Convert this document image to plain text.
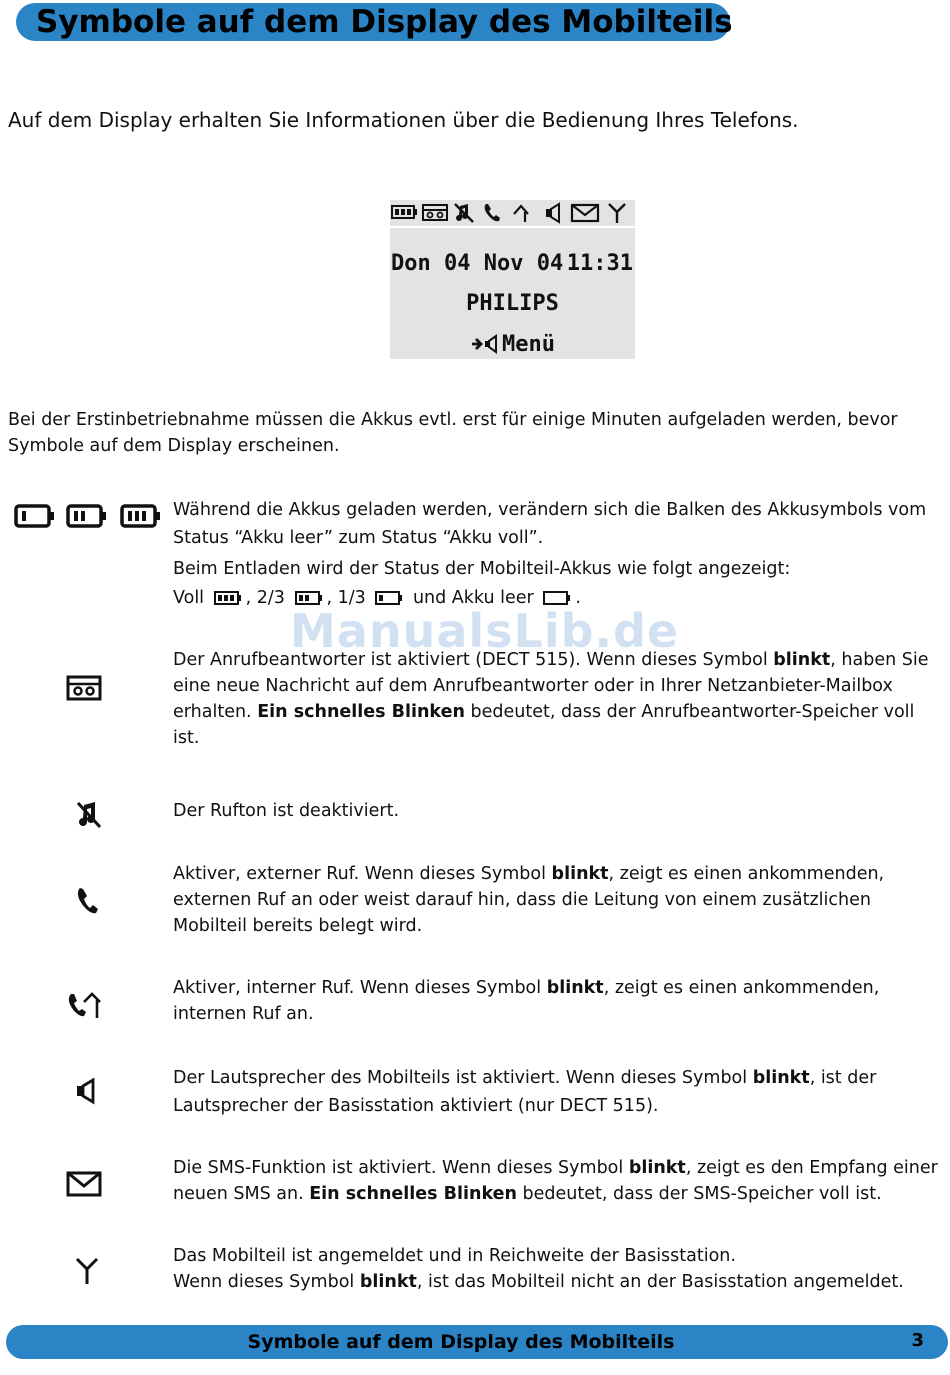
Symbole auf dem Display des Mobilteils
Auf dem Display erhalten Sie Informationen über die Bedienung Ihres Telefons.
Don 04 Nov 04 11:31
PHILIPS
Menü
Bei der Erstinbetriebnahme müssen die Akkus evtl. erst für einige Minuten aufgeladen werden, bevor Symbole auf dem Display erscheinen.
Während die Akkus geladen werden, verändern sich die Balken des Akkusymbols vom Status “Akku leer” zum Status “Akku voll”.
Beim Entladen wird der Status der Mobilteil-Akkus wie folgt angezeigt:
Voll , 2/3 , 1/3	und Akku leer .
ManualsLib.de
Der Anrufbeantworter ist aktiviert (DECT 515). Wenn dieses Symbol blinkt, haben Sie eine neue Nachricht auf dem Anrufbeantworter oder in Ihrer Netzanbieter-Mailbox erhalten. Ein schnelles Blinken bedeutet, dass der Anrufbeantworter-Speicher voll ist.
Der Rufton ist deaktiviert.
Aktiver, externer Ruf. Wenn dieses Symbol blinkt, zeigt es einen ankommenden, externen Ruf an oder weist darauf hin, dass die Leitung von einem zusätzlichen Mobilteil bereits belegt wird.
Aktiver, interner Ruf. Wenn dieses Symbol blinkt, zeigt es einen ankommenden, internen Ruf an.
Der Lautsprecher des Mobilteils ist aktiviert. Wenn dieses Symbol blinkt, ist der Lautsprecher der Basisstation aktiviert (nur DECT 515).
Die SMS-Funktion ist aktiviert. Wenn dieses Symbol blinkt, zeigt es den Empfang einer neuen SMS an. Ein schnelles Blinken bedeutet, dass der SMS-Speicher voll ist.
Das Mobilteil ist angemeldet und in Reichweite der Basisstation.
Wenn dieses Symbol blinkt, ist das Mobilteil nicht an der Basisstation angemeldet.
Symbole auf dem Display des Mobilteils	3
